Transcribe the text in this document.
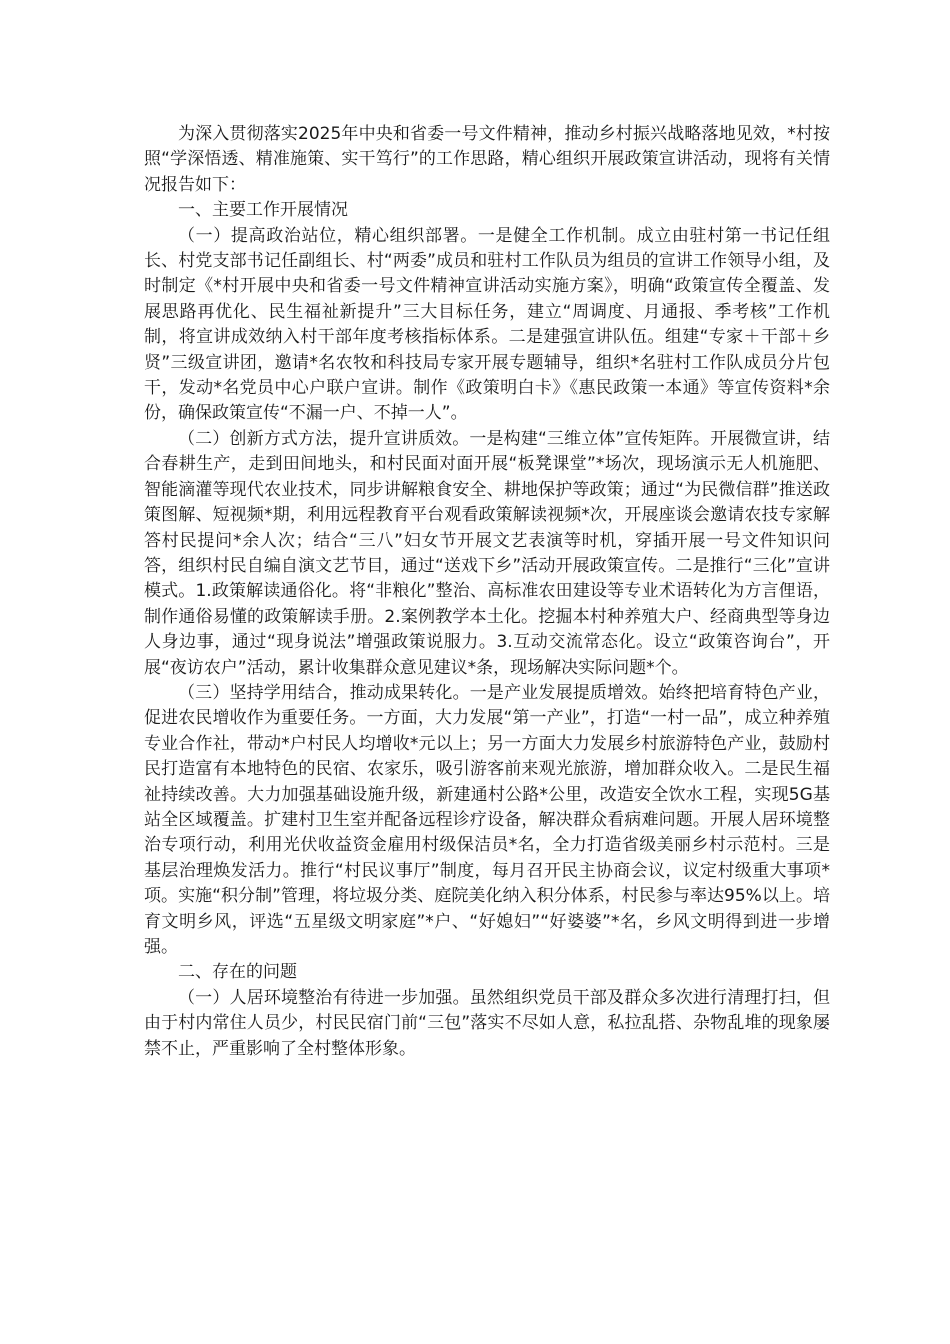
为深入贯彻落实2025年中央和省委一号文件精神，推动乡村振兴战略落地见效，*村按照“学深悟透、精准施策、实干笃行”的工作思路，精心组织开展政策宣讲活动，现将有关情况报告如下：

一、主要工作开展情况

（一）提高政治站位，精心组织部署。一是健全工作机制。成立由驻村第一书记任组长、村党支部书记任副组长、村“两委”成员和驻村工作队员为组员的宣讲工作领导小组，及时制定《*村开展中央和省委一号文件精神宣讲活动实施方案》，明确“政策宣传全覆盖、发展思路再优化、民生福祉新提升”三大目标任务，建立“周调度、月通报、季考核”工作机制，将宣讲成效纳入村干部年度考核指标体系。二是建强宣讲队伍。组建“专家＋干部＋乡贤”三级宣讲团，邀请*名农牧和科技局专家开展专题辅导，组织*名驻村工作队成员分片包干，发动*名党员中心户联户宣讲。制作《政策明白卡》《惠民政策一本通》等宣传资料*余份，确保政策宣传“不漏一户、不掉一人”。

（二）创新方式方法，提升宣讲质效。一是构建“三维立体”宣传矩阵。开展微宣讲，结合春耕生产，走到田间地头，和村民面对面开展“板凳课堂”*场次，现场演示无人机施肥、智能滴灌等现代农业技术，同步讲解粮食安全、耕地保护等政策；通过“为民微信群”推送政策图解、短视频*期，利用远程教育平台观看政策解读视频*次，开展座谈会邀请农技专家解答村民提问*余人次；结合“三八”妇女节开展文艺表演等时机，穿插开展一号文件知识问答，组织村民自编自演文艺节目，通过“送戏下乡”活动开展政策宣传。二是推行“三化”宣讲模式。1.政策解读通俗化。将“非粮化”整治、高标准农田建设等专业术语转化为方言俚语，制作通俗易懂的政策解读手册。2.案例教学本土化。挖掘本村种养殖大户、经商典型等身边人身边事，通过“现身说法”增强政策说服力。3.互动交流常态化。设立“政策咨询台”，开展“夜访农户”活动，累计收集群众意见建议*条，现场解决实际问题*个。

（三）坚持学用结合，推动成果转化。一是产业发展提质增效。始终把培育特色产业，促进农民增收作为重要任务。一方面，大力发展“第一产业”，打造“一村一品”，成立种养殖专业合作社，带动*户村民人均增收*元以上；另一方面大力发展乡村旅游特色产业，鼓励村民打造富有本地特色的民宿、农家乐，吸引游客前来观光旅游，增加群众收入。二是民生福祉持续改善。大力加强基础设施升级，新建通村公路*公里，改造安全饮水工程，实现5G基站全区域覆盖。扩建村卫生室并配备远程诊疗设备，解决群众看病难问题。开展人居环境整治专项行动，利用光伏收益资金雇用村级保洁员*名，全力打造省级美丽乡村示范村。三是基层治理焕发活力。推行“村民议事厅”制度，每月召开民主协商会议，议定村级重大事项*项。实施“积分制”管理，将垃圾分类、庭院美化纳入积分体系，村民参与率达95%以上。培育文明乡风，评选“五星级文明家庭”*户、“好媳妇”“好婆婆”*名，乡风文明得到进一步增强。

二、存在的问题

（一）人居环境整治有待进一步加强。虽然组织党员干部及群众多次进行清理打扫，但由于村内常住人员少，村民民宿门前“三包”落实不尽如人意，私拉乱搭、杂物乱堆的现象屡禁不止，严重影响了全村整体形象。
